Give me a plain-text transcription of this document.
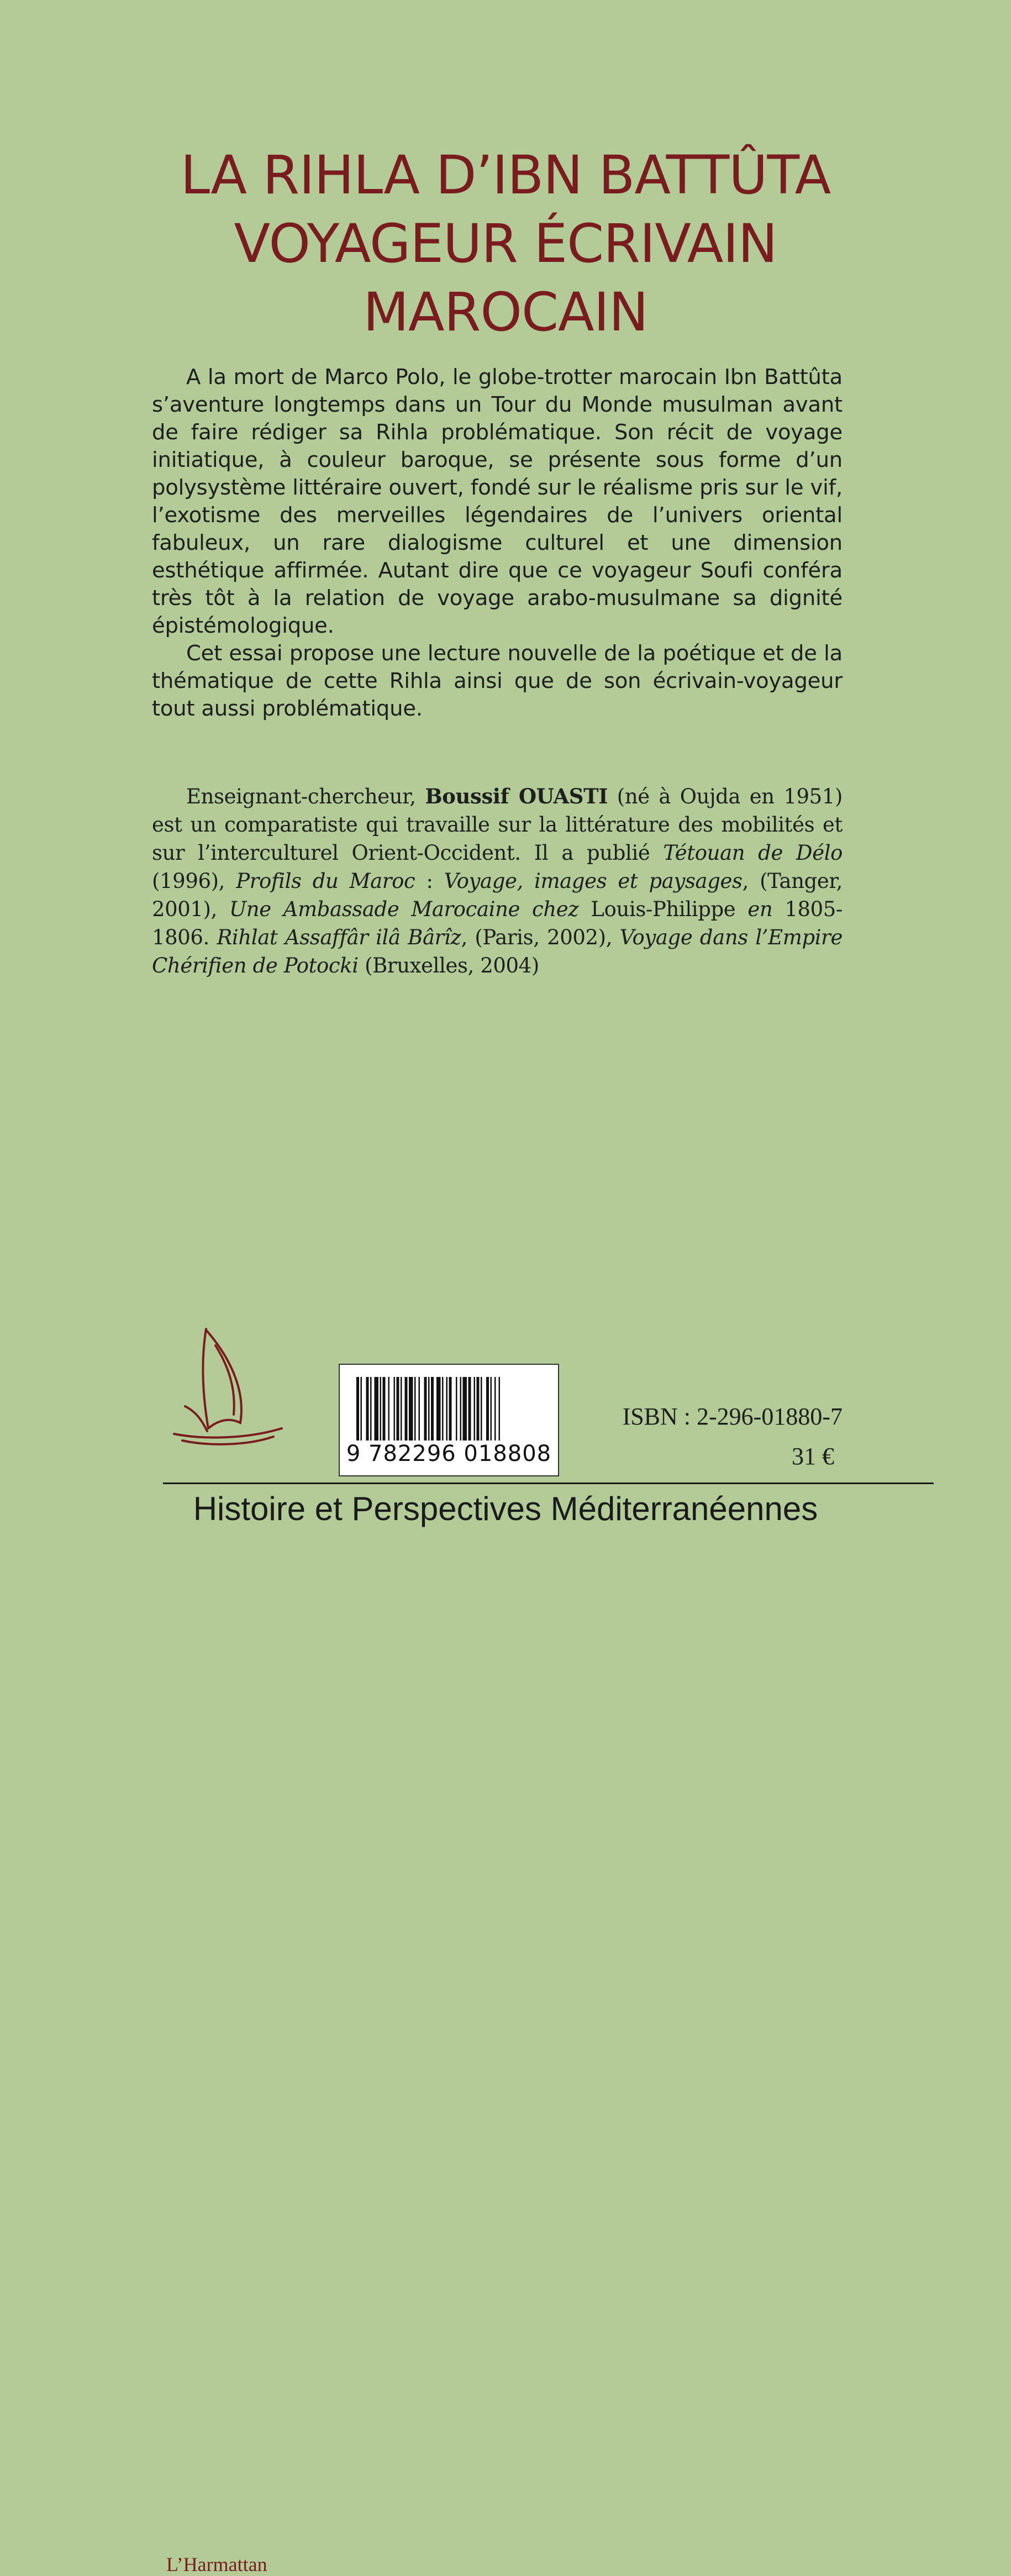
LA RIHLA D’IBN BATTÛTA
VOYAGEUR ÉCRIVAIN
MAROCAIN

A la mort de Marco Polo, le globe-trotter marocain Ibn Battûta s’aventure longtemps dans un Tour du Monde musulman avant de faire rédiger sa Rihla problématique. Son récit de voyage initiatique, à couleur baroque, se présente sous forme d’un polysystème littéraire ouvert, fondé sur le réalisme pris sur le vif, l’exotisme des merveilles légendaires de l’univers oriental fabuleux, un rare dialogisme culturel et une dimension esthétique affirmée. Autant dire que ce voyageur Soufi conféra très tôt à la relation de voyage arabo-musulmane sa dignité épistémologique.

Cet essai propose une lecture nouvelle de la poétique et de la thématique de cette Rihla ainsi que de son écrivain-voyageur tout aussi problématique.

Enseignant-chercheur, Boussif OUASTI (né à Oujda en 1951) est un comparatiste qui travaille sur la littérature des mobilités et sur l’interculturel Orient-Occident. Il a publié Tétouan de Délo (1996), Profils du Maroc : Voyage, images et paysages, (Tanger, 2001), Une Ambassade Marocaine chez Louis-Philippe en 1805-1806. Rihlat Assaffâr ilâ Bârîz, (Paris, 2002), Voyage dans l’Empire Chérifien de Potocki (Bruxelles, 2004)
L’Harmattan
9 782296 018808
ISBN : 2-296-01880-7
31 €
Histoire et Perspectives Méditerranéennes
